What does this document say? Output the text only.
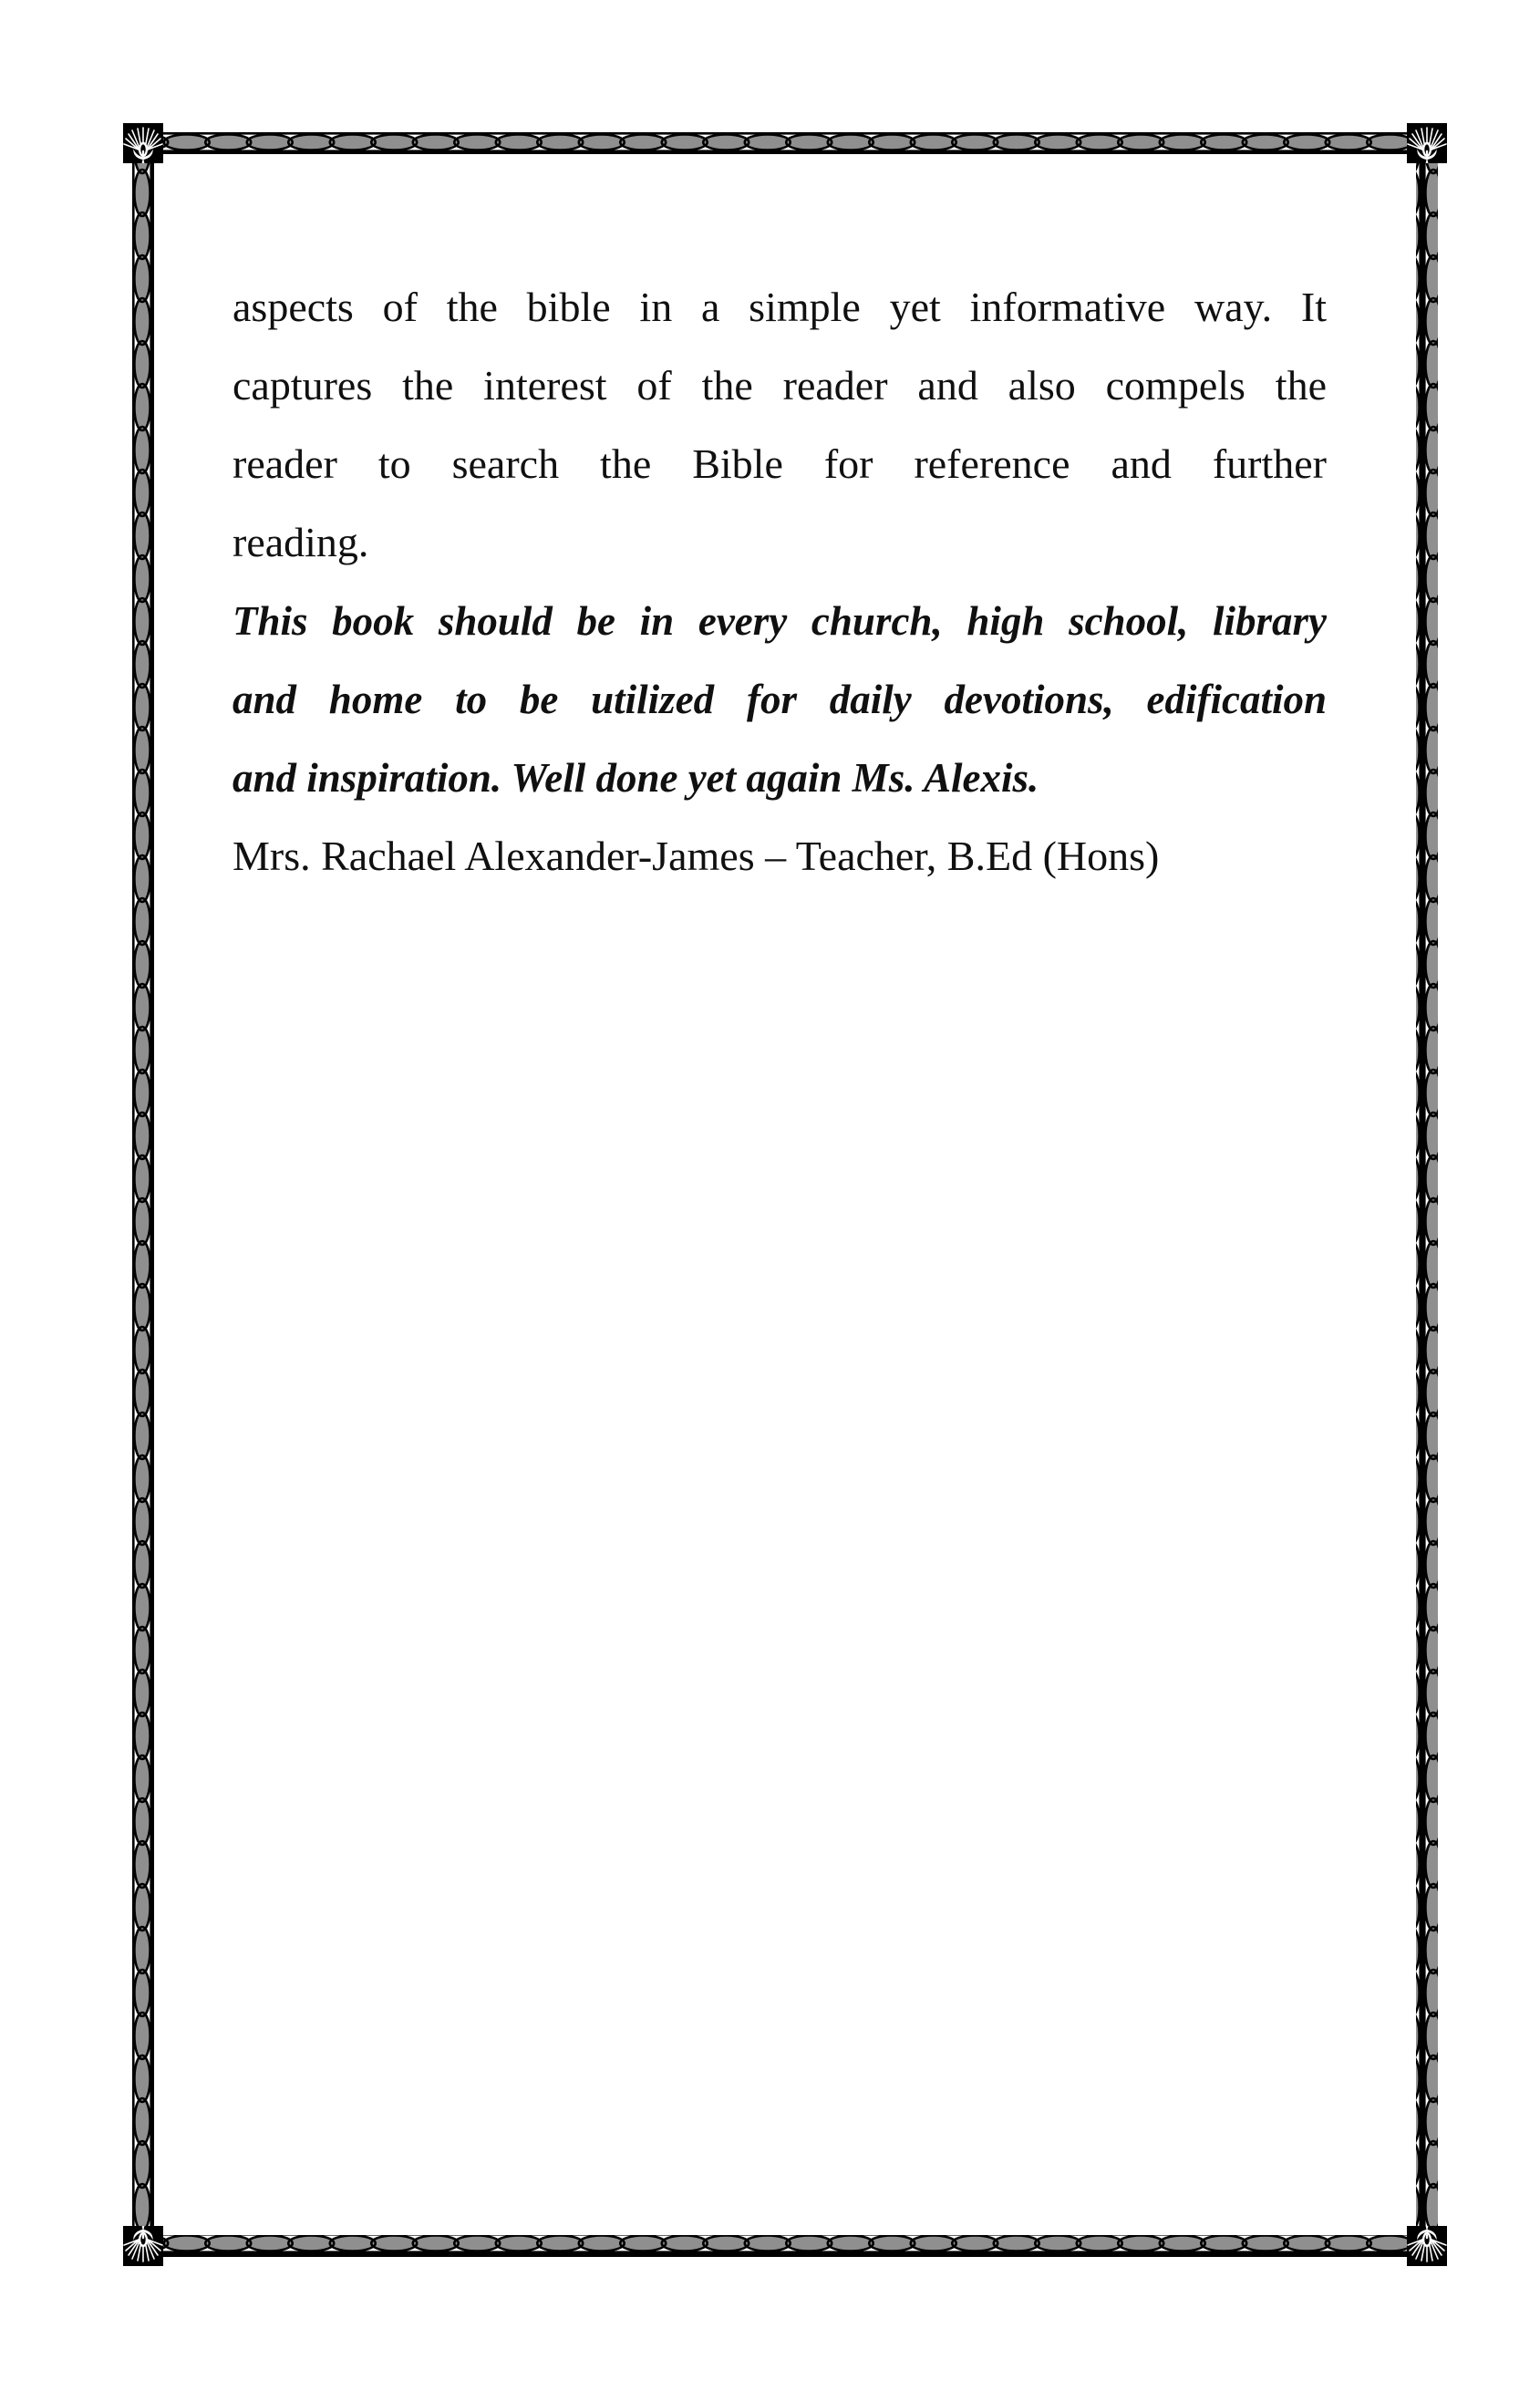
aspects of the bible in a simple yet informative way. It
captures the interest of the reader and also compels the
reader to search the Bible for reference and further
reading.
This book should be in every church, high school, library
and home to be utilized for daily devotions, edification
and inspiration. Well done yet again Ms. Alexis.
Mrs. Rachael Alexander-James – Teacher, B.Ed (Hons)
